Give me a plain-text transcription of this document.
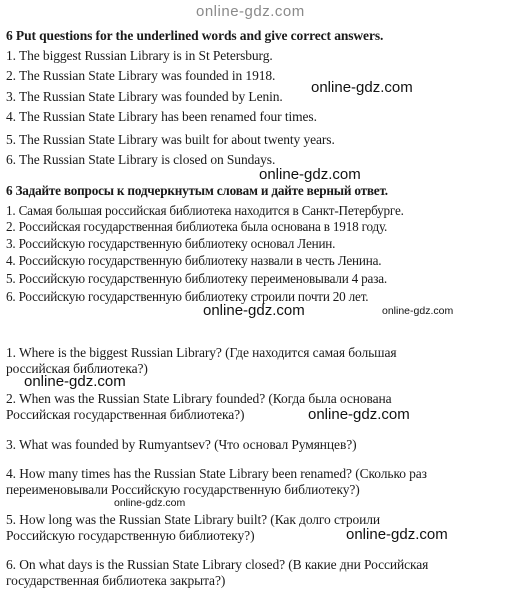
online-gdz.com
6 Put questions for the underlined words and give correct answers.
1. The biggest Russian Library is in St Petersburg.
2. The Russian State Library was founded in 1918.
3. The Russian State Library was founded by Lenin.
4. The Russian State Library has been renamed four times.
5. The Russian State Library was built for about twenty years.
6. The Russian State Library is closed on Sundays.
6 Задайте вопросы к подчеркнутым словам и дайте верный ответ.
1. Самая большая российская библиотека находится в Санкт-Петербурге.
2. Российская государственная библиотека была основана в 1918 году.
3. Российскую государственную библиотеку основал Ленин.
4. Российскую государственную библиотеку назвали в честь Ленина.
5. Российскую государственную библиотеку переименовывали 4 раза.
6. Российскую государственную библиотеку строили почти 20 лет.
1. Where is the biggest Russian Library? (Где находится самая большая
российская библиотека?)
2. When was the Russian State Library founded? (Когда была основана
Российская государственная библиотека?)
3. What was founded by Rumyantsev? (Что основал Румянцев?)
4. How many times has the Russian State Library been renamed? (Сколько раз
переименовывали Российскую государственную библиотеку?)
5. How long was the Russian State Library built? (Как долго строили
Российскую государственную библиотеку?)
6. On what days is the Russian State Library closed? (В какие дни Российская
государственная библиотека закрыта?)
online-gdz.com
online-gdz.com
online-gdz.com	online-gdz.com
online-gdz.com
online-gdz.com
online-gdz.com
online-gdz.com
